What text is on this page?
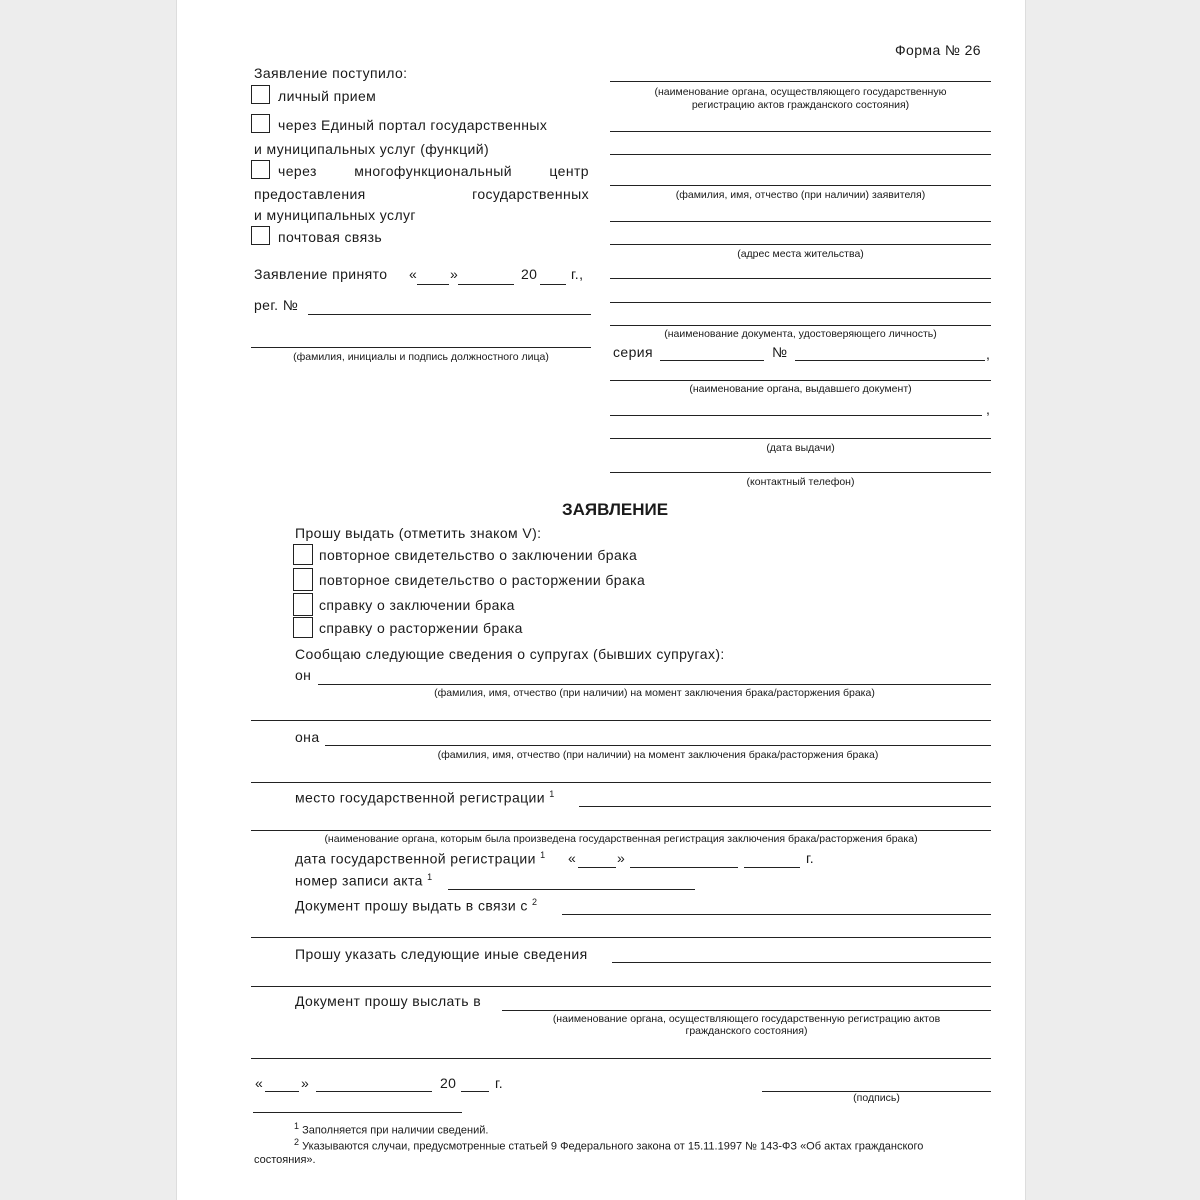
Форма № 26
Заявление поступило:
личный прием
через Единый портал государственных
и муниципальных услуг (функций)
через многофункциональный центр
предоставления государственных
и муниципальных услуг
почтовая связь
Заявление принято « »	20 г.,
рег. №
(фамилия, инициалы и подпись должностного лица)
(наименование органа, осуществляющего государственную
регистрацию актов гражданского состояния)
(фамилия, имя, отчество (при наличии) заявителя)
(адрес места жительства)
(наименование документа, удостоверяющего личность)
серия	№	,
(наименование органа, выдавшего документ)
,
(дата выдачи)
(контактный телефон)
ЗАЯВЛЕНИЕ
Прошу выдать (отметить знаком V):
повторное свидетельство о заключении брака
повторное свидетельство о расторжении брака
справку о заключении брака
справку о расторжении брака
Сообщаю следующие сведения о супругах (бывших супругах):
он
(фамилия, имя, отчество (при наличии) на момент заключения брака/расторжения брака)
она
(фамилия, имя, отчество (при наличии) на момент заключения брака/расторжения брака)
место государственной регистрации $^1$
(наименование органа, которым была произведена государственная регистрация заключения брака/расторжения брака)
дата государственной регистрации $^1$ «	»	г.
номер записи акта $^1$
Документ прошу выдать в связи с $^2$
Прошу указать следующие иные сведения
Документ прошу выслать в
(наименование органа, осуществляющего государственную регистрацию актов
гражданского состояния)
«	»	20	г.
(подпись)
$^1$ Заполняется при наличии сведений.
$^2$ Указываются случаи, предусмотренные статьей 9 Федерального закона от 15.11.1997 № 143-ФЗ «Об актах гражданского
состояния».
